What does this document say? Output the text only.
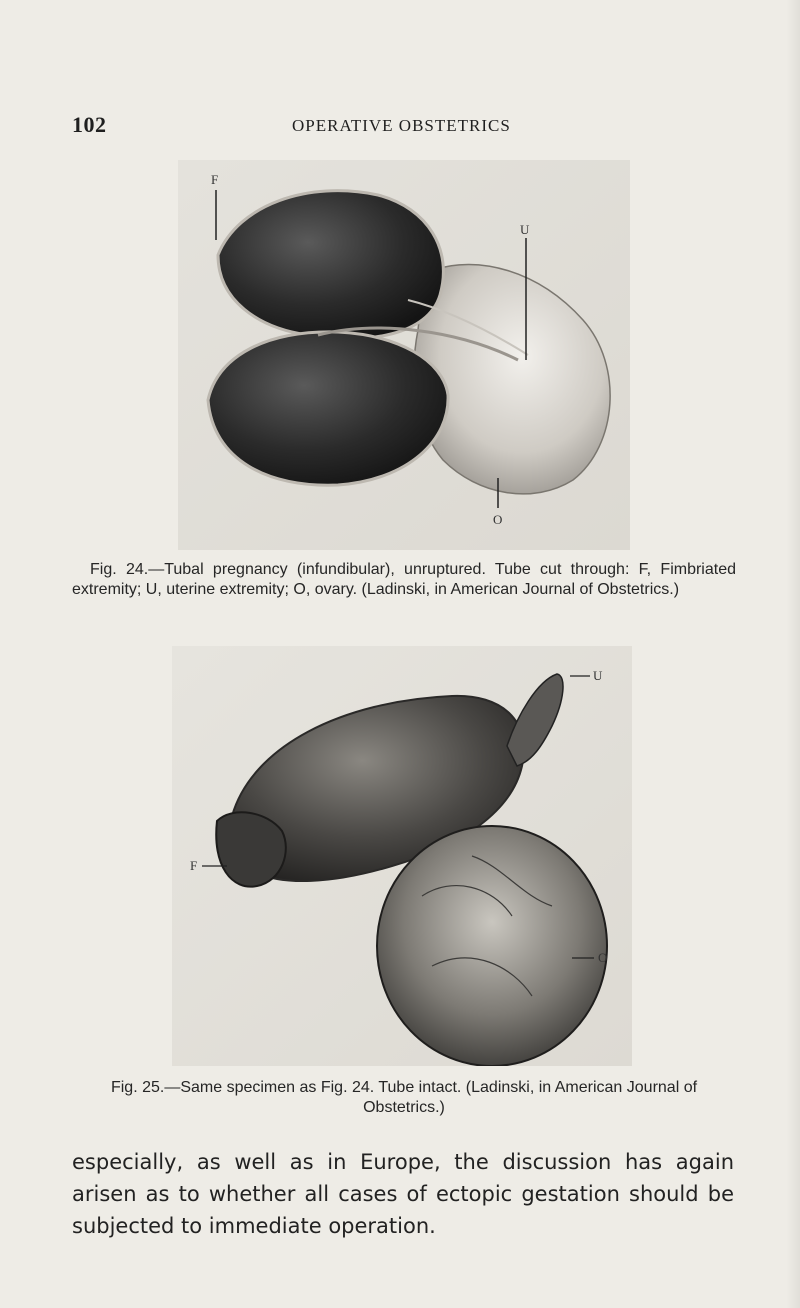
102	OPERATIVE OBSTETRICS
F
U
O
Fig. 24.—Tubal pregnancy (infundibular), unruptured. Tube cut through: F, Fimbriated extremity; U, uterine extremity; O, ovary. (Ladinski, in American Journal of Obstetrics.)
U
F
O
Fig. 25.—Same specimen as Fig. 24. Tube intact. (Ladinski, in American Journal of Obstetrics.)
especially, as well as in Europe, the discussion has again arisen as to whether all cases of ectopic gestation should be subjected to immediate operation.
